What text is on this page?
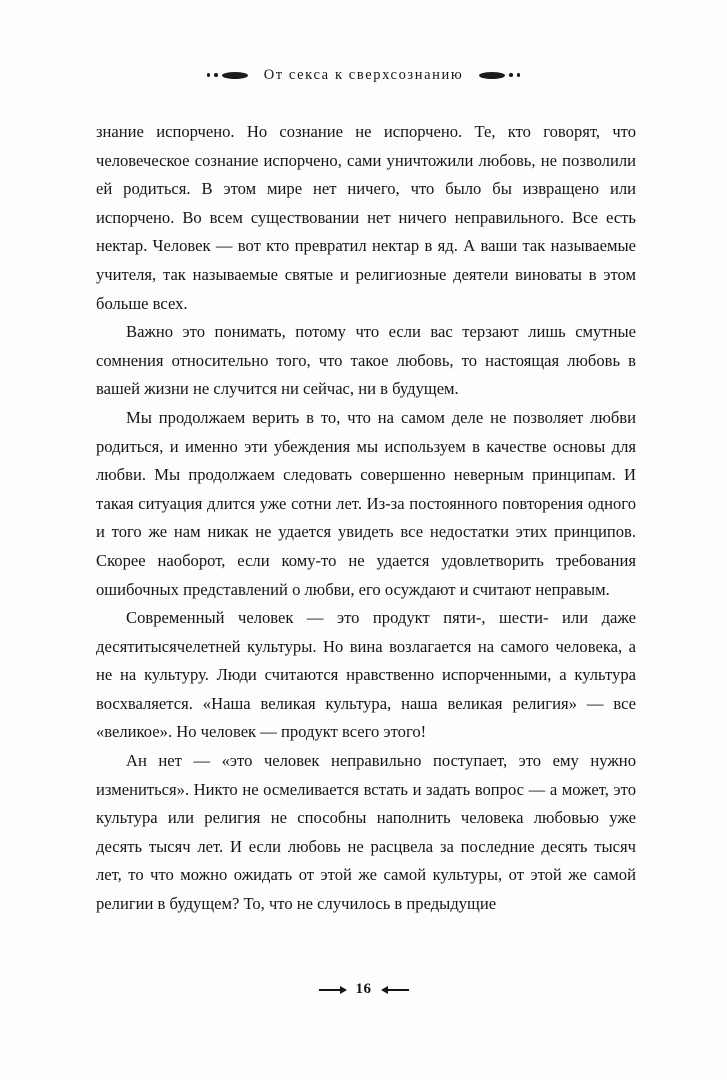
От секса к сверхсознанию

знание испорчено. Но сознание не испорчено. Те, кто говорят, что человеческое сознание испорчено, сами уничтожили любовь, не позволили ей родиться. В этом мире нет ничего, что было бы извращено или испорчено. Во всем существовании нет ничего неправильного. Все есть нектар. Человек — вот кто превратил нектар в яд. А ваши так называемые учителя, так называемые святые и религиозные деятели виноваты в этом больше всех.

Важно это понимать, потому что если вас терзают лишь смутные сомнения относительно того, что такое любовь, то настоящая любовь в вашей жизни не случится ни сейчас, ни в будущем.

Мы продолжаем верить в то, что на самом деле не позволяет любви родиться, и именно эти убеждения мы используем в качестве основы для любви. Мы продолжаем следовать совершенно неверным принципам. И такая ситуация длится уже сотни лет. Из-за постоянного повторения одного и того же нам никак не удается увидеть все недостатки этих принципов. Скорее наоборот, если кому-то не удается удовлетворить требования ошибочных представлений о любви, его осуждают и считают неправым.

Современный человек — это продукт пяти-, шести- или даже десятитысячелетней культуры. Но вина возлагается на самого человека, а не на культуру. Люди считаются нравственно испорченными, а культура восхваляется. «Наша великая культура, наша великая религия» — все «великое». Но человек — продукт всего этого!

Ан нет — «это человек неправильно поступает, это ему нужно измениться». Никто не осмеливается встать и задать вопрос — а может, это культура или религия не способны наполнить человека любовью уже десять тысяч лет. И если любовь не расцвела за последние десять тысяч лет, то что можно ожидать от этой же самой культуры, от этой же самой религии в будущем? То, что не случилось в предыдущие

16
